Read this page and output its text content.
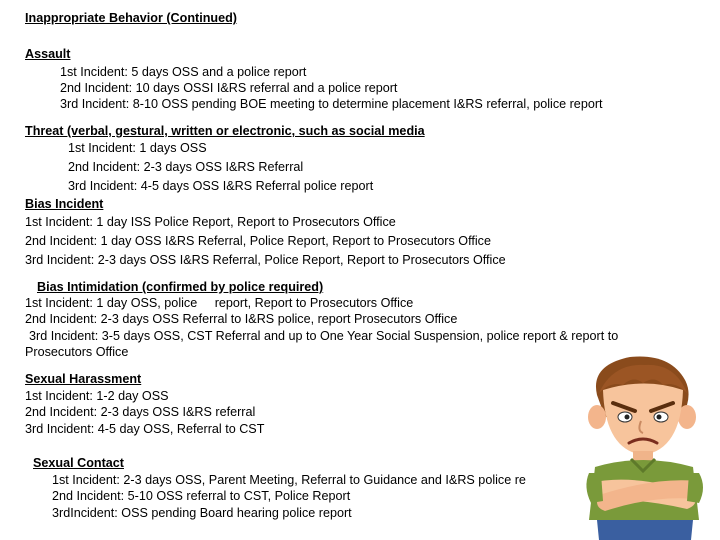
Inappropriate Behavior (Continued)
Assault
1st Incident: 5 days OSS and a police report
2nd Incident: 10 days OSSI I&RS referral and a police report
3rd Incident: 8-10 OSS pending BOE meeting to determine placement I&RS referral, police report
Threat (verbal, gestural, written or electronic, such as social media
1st Incident: 1 days OSS
2nd Incident: 2-3 days OSS I&RS Referral
3rd Incident: 4-5 days OSS I&RS Referral police report
Bias Incident
1st Incident: 1 day ISS Police Report, Report to Prosecutors Office
2nd Incident: 1 day OSS I&RS Referral, Police Report, Report to Prosecutors Office
3rd Incident: 2-3 days OSS I&RS Referral, Police Report, Report to Prosecutors Office
Bias Intimidation (confirmed by police required)
1st Incident: 1 day OSS, police     report, Report to Prosecutors Office
2nd Incident: 2-3 days OSS Referral to I&RS police, report Prosecutors Office
3rd Incident: 3-5 days OSS, CST Referral and up to One Year Social Suspension, police report & report to
Prosecutors Office
Sexual Harassment
1st Incident: 1-2 day OSS
2nd Incident: 2-3 days OSS I&RS referral
3rd Incident: 4-5 day OSS, Referral to CST
Sexual Contact
1st Incident: 2-3 days OSS, Parent Meeting, Referral to Guidance and I&RS police re
2nd Incident: 5-10 OSS referral to CST, Police Report
3rdIncident: OSS pending Board hearing police report
